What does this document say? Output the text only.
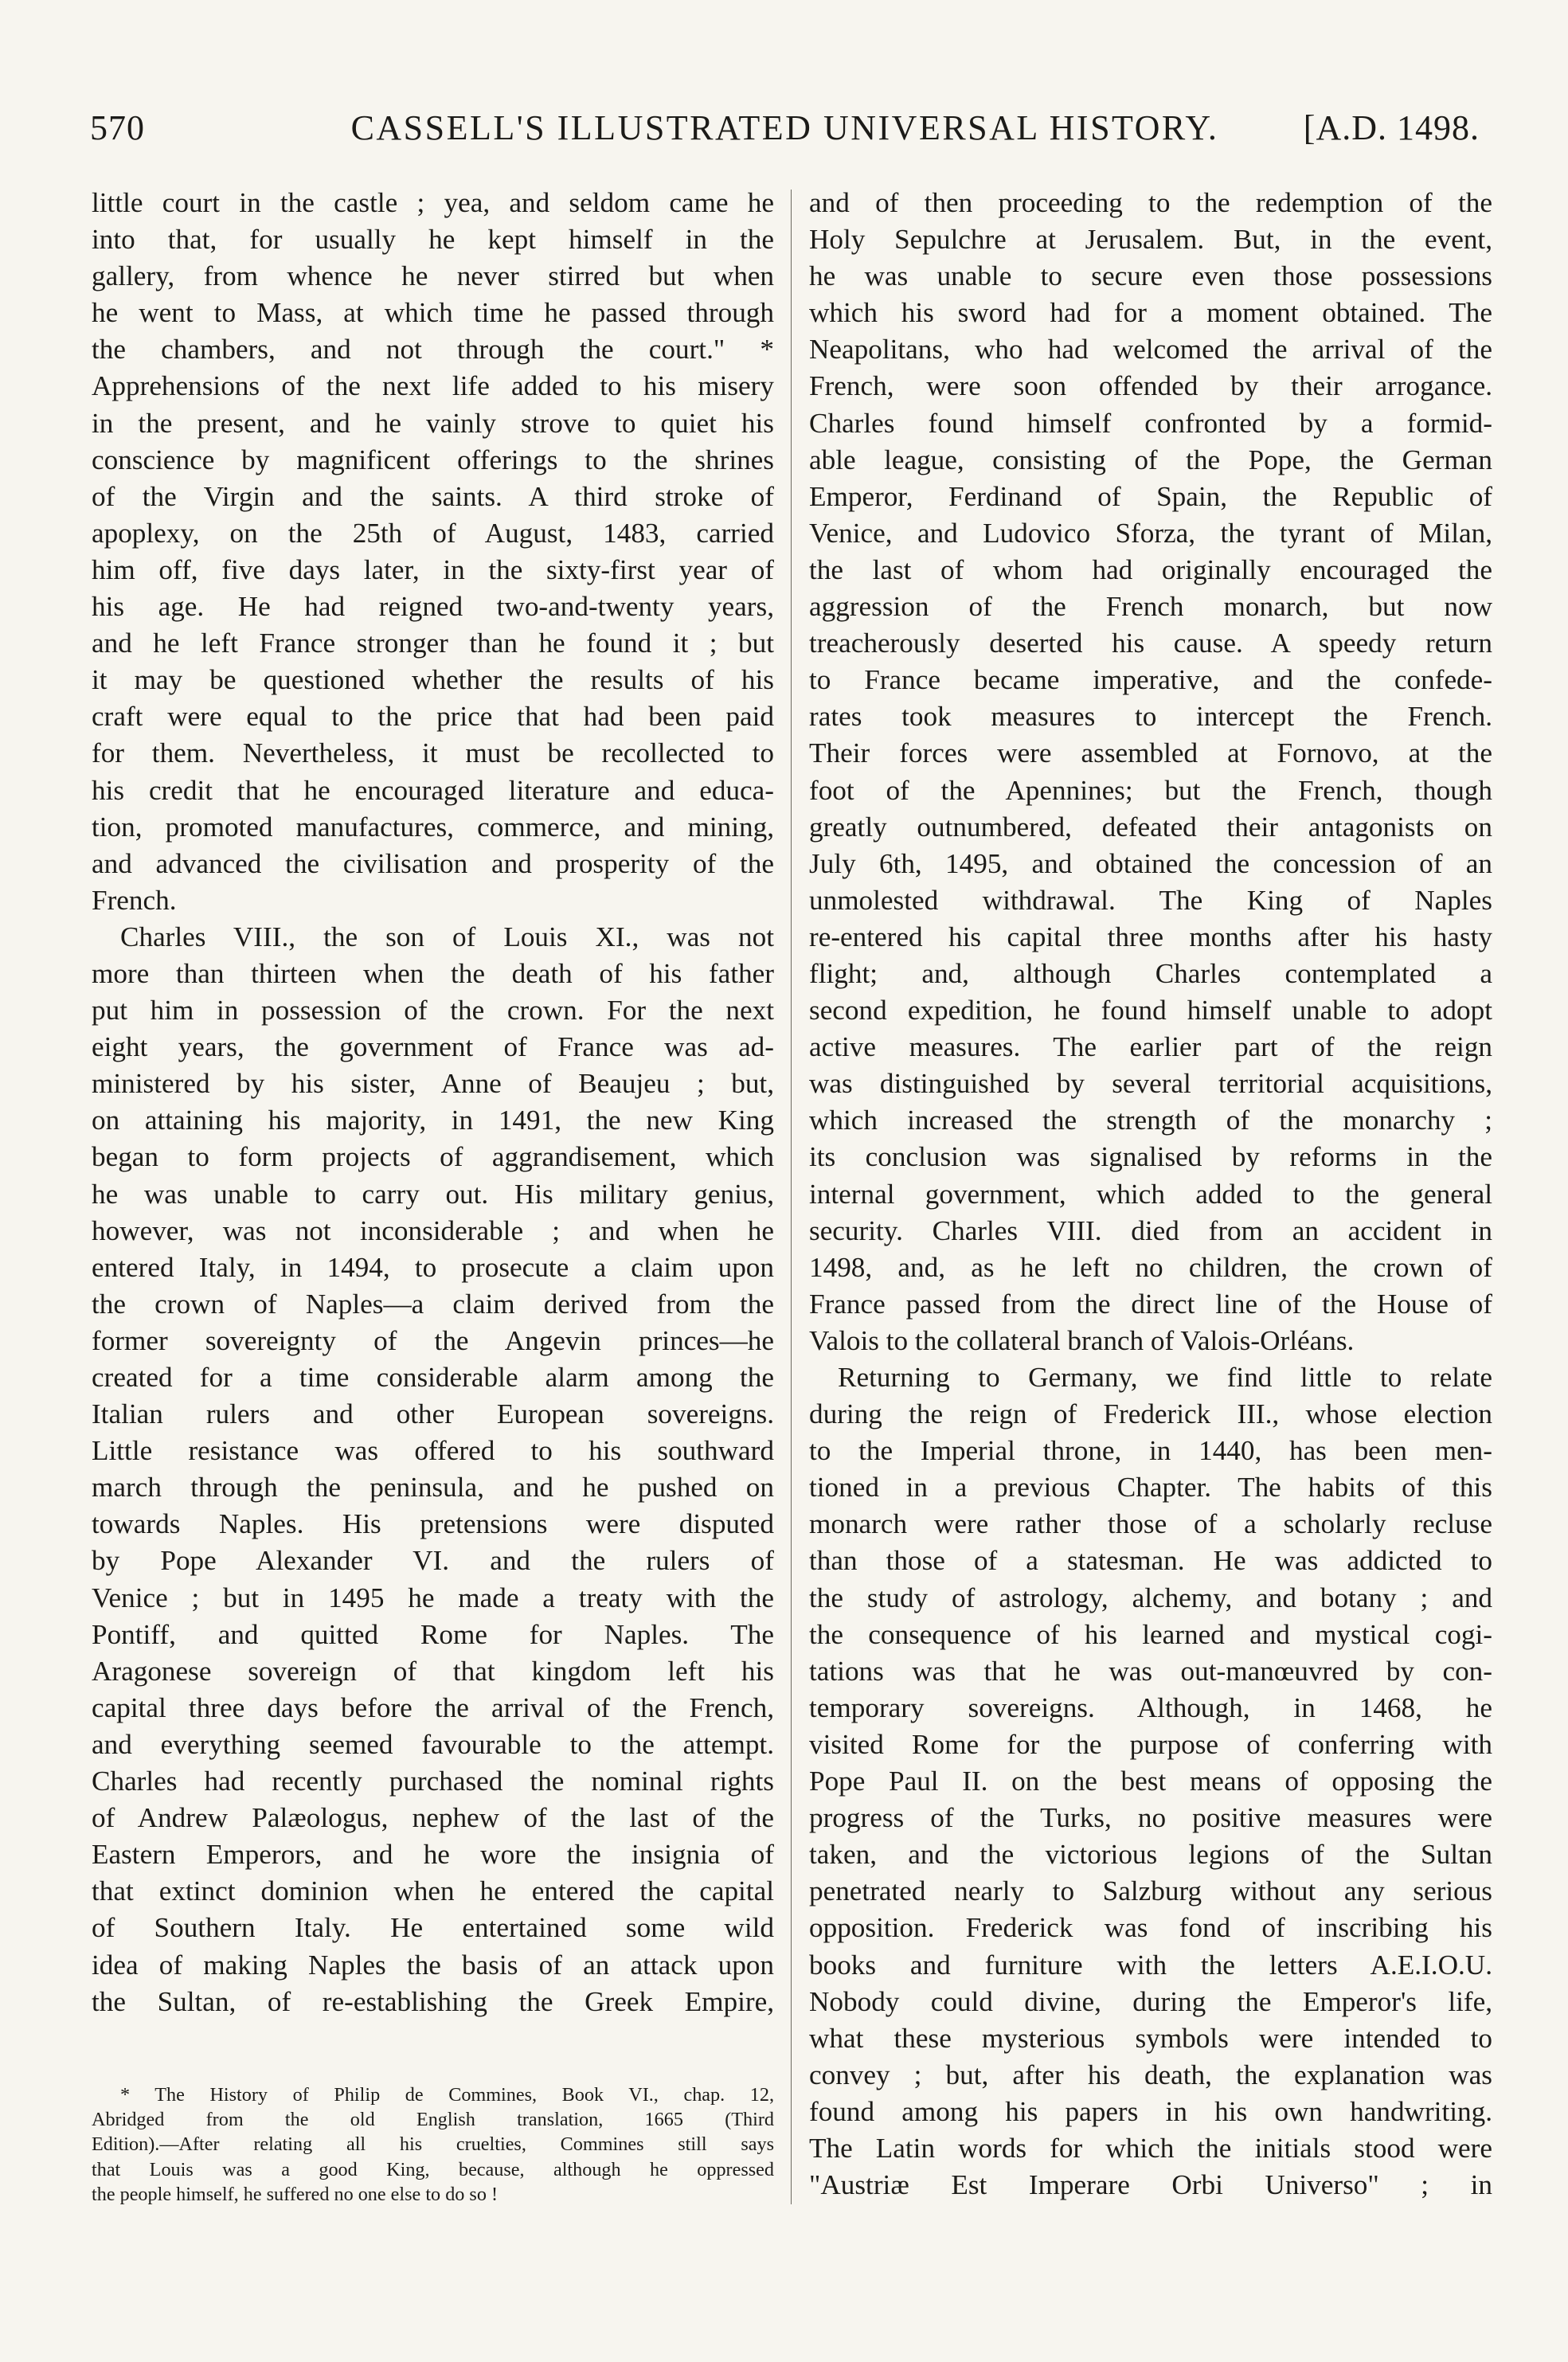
570	CASSELL'S ILLUSTRATED UNIVERSAL HISTORY.	[A.D. 1498.
little court in the castle ; yea, and seldom came he
into that, for usually he kept himself in the
gallery, from whence he never stirred but when
he went to Mass, at which time he passed through
the chambers, and not through the court." *
Apprehensions of the next life added to his misery
in the present, and he vainly strove to quiet his
conscience by magnificent offerings to the shrines
of the Virgin and the saints. A third stroke of
apoplexy, on the 25th of August, 1483, carried
him off, five days later, in the sixty-first year of
his age. He had reigned two-and-twenty years,
and he left France stronger than he found it ; but
it may be questioned whether the results of his
craft were equal to the price that had been paid
for them. Nevertheless, it must be recollected to
his credit that he encouraged literature and educa-
tion, promoted manufactures, commerce, and mining,
and advanced the civilisation and prosperity of the
French.
Charles VIII., the son of Louis XI., was not
more than thirteen when the death of his father
put him in possession of the crown. For the next
eight years, the government of France was ad-
ministered by his sister, Anne of Beaujeu ; but,
on attaining his majority, in 1491, the new King
began to form projects of aggrandisement, which
he was unable to carry out. His military genius,
however, was not inconsiderable ; and when he
entered Italy, in 1494, to prosecute a claim upon
the crown of Naples—a claim derived from the
former sovereignty of the Angevin princes—he
created for a time considerable alarm among the
Italian rulers and other European sovereigns.
Little resistance was offered to his southward
march through the peninsula, and he pushed on
towards Naples. His pretensions were disputed
by Pope Alexander VI. and the rulers of
Venice ; but in 1495 he made a treaty with the
Pontiff, and quitted Rome for Naples. The
Aragonese sovereign of that kingdom left his
capital three days before the arrival of the French,
and everything seemed favourable to the attempt.
Charles had recently purchased the nominal rights
of Andrew Palæologus, nephew of the last of the
Eastern Emperors, and he wore the insignia of
that extinct dominion when he entered the capital
of Southern Italy. He entertained some wild
idea of making Naples the basis of an attack upon
the Sultan, of re-establishing the Greek Empire,
and of then proceeding to the redemption of the
Holy Sepulchre at Jerusalem. But, in the event,
he was unable to secure even those possessions
which his sword had for a moment obtained. The
Neapolitans, who had welcomed the arrival of the
French, were soon offended by their arrogance.
Charles found himself confronted by a formid-
able league, consisting of the Pope, the German
Emperor, Ferdinand of Spain, the Republic of
Venice, and Ludovico Sforza, the tyrant of Milan,
the last of whom had originally encouraged the
aggression of the French monarch, but now
treacherously deserted his cause. A speedy return
to France became imperative, and the confede-
rates took measures to intercept the French.
Their forces were assembled at Fornovo, at the
foot of the Apennines; but the French, though
greatly outnumbered, defeated their antagonists on
July 6th, 1495, and obtained the concession of an
unmolested withdrawal. The King of Naples
re-entered his capital three months after his hasty
flight; and, although Charles contemplated a
second expedition, he found himself unable to adopt
active measures. The earlier part of the reign
was distinguished by several territorial acquisitions,
which increased the strength of the monarchy ;
its conclusion was signalised by reforms in the
internal government, which added to the general
security. Charles VIII. died from an accident in
1498, and, as he left no children, the crown of
France passed from the direct line of the House of
Valois to the collateral branch of Valois-Orléans.
Returning to Germany, we find little to relate
during the reign of Frederick III., whose election
to the Imperial throne, in 1440, has been men-
tioned in a previous Chapter. The habits of this
monarch were rather those of a scholarly recluse
than those of a statesman. He was addicted to
the study of astrology, alchemy, and botany ; and
the consequence of his learned and mystical cogi-
tations was that he was out-manœuvred by con-
temporary sovereigns. Although, in 1468, he
visited Rome for the purpose of conferring with
Pope Paul II. on the best means of opposing the
progress of the Turks, no positive measures were
taken, and the victorious legions of the Sultan
penetrated nearly to Salzburg without any serious
opposition. Frederick was fond of inscribing his
books and furniture with the letters A.E.I.O.U.
Nobody could divine, during the Emperor's life,
what these mysterious symbols were intended to
convey ; but, after his death, the explanation was
found among his papers in his own handwriting.
The Latin words for which the initials stood were
"Austriæ Est Imperare Orbi Universo" ; in
* The History of Philip de Commines, Book VI., chap. 12,
Abridged from the old English translation, 1665 (Third
Edition).—After relating all his cruelties, Commines still says
that Louis was a good King, because, although he oppressed
the people himself, he suffered no one else to do so !
